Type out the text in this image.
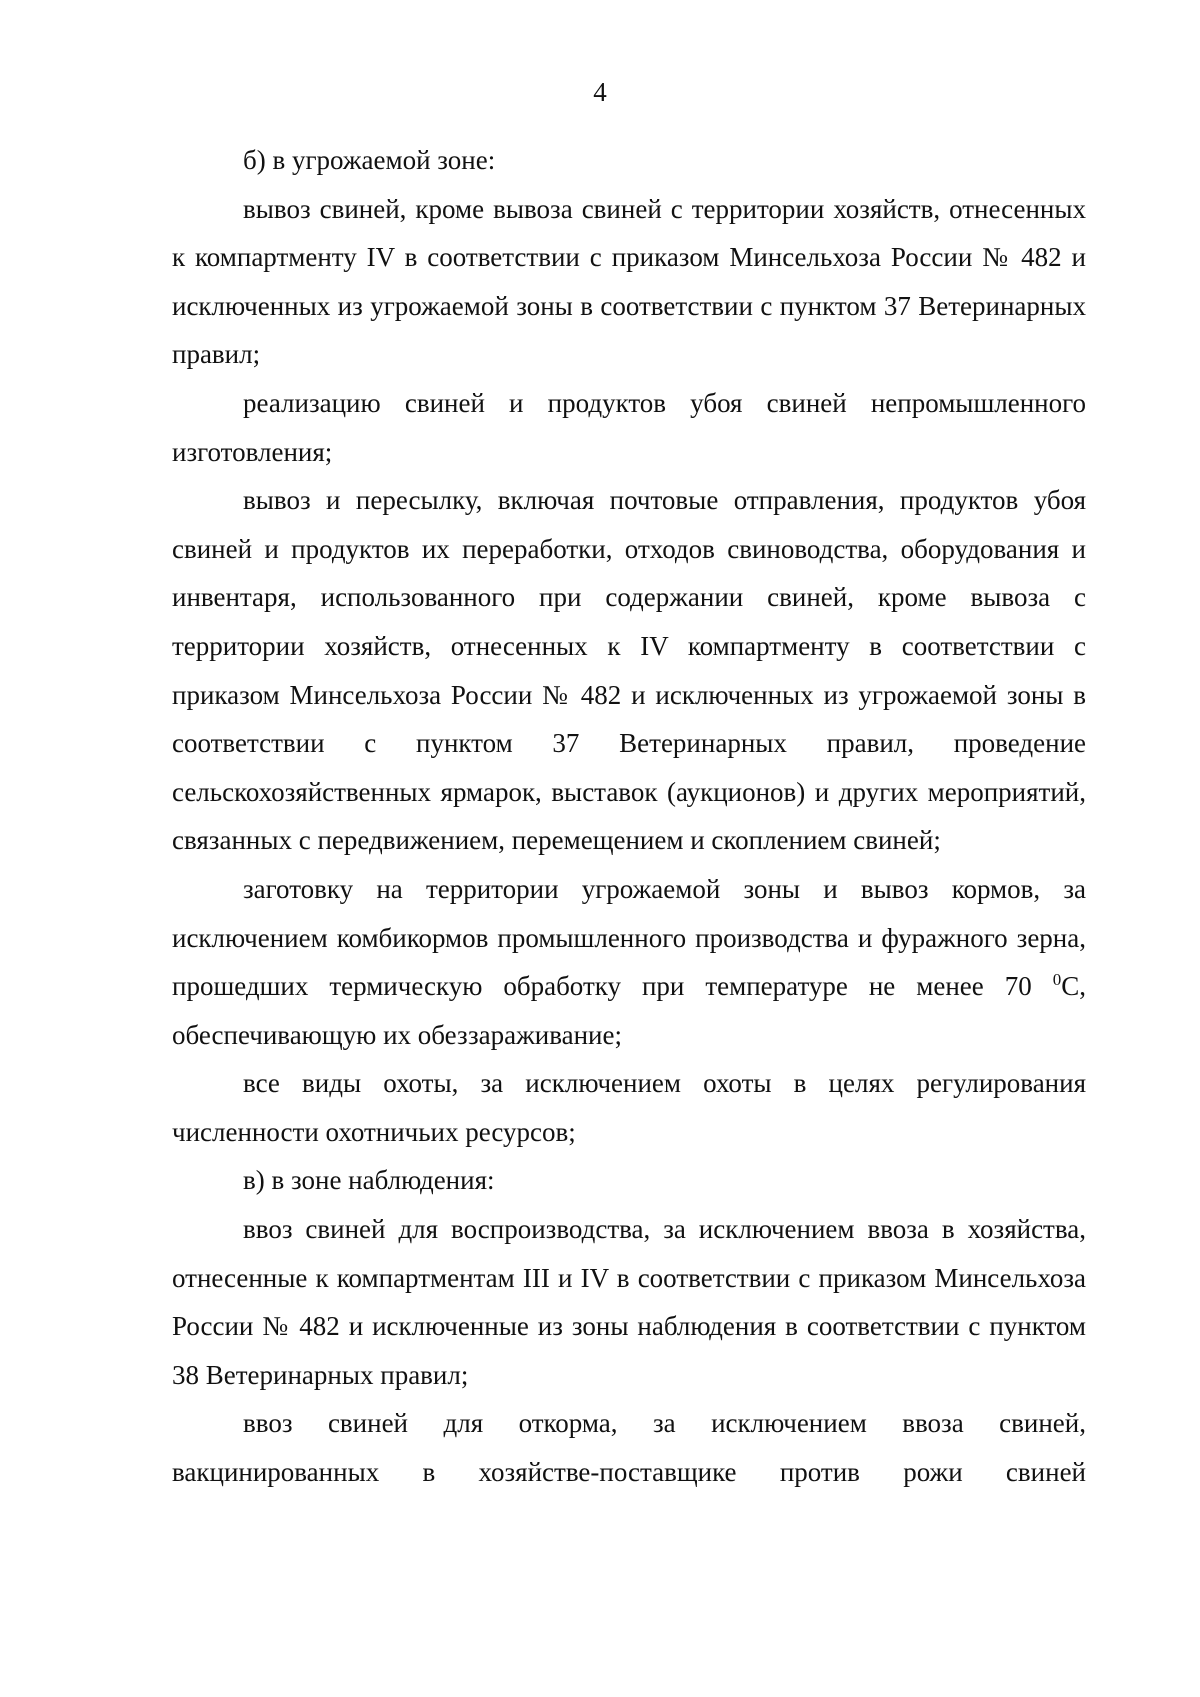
4

б) в угрожаемой зоне:

вывоз свиней, кроме вывоза свиней с территории хозяйств, отнесенных к компартменту IV в соответствии с приказом Минсельхоза России № 482 и исключенных из угрожаемой зоны в соответствии с пунктом 37 Ветеринарных правил;

реализацию свиней и продуктов убоя свиней непромышленного изготовления;

вывоз и пересылку, включая почтовые отправления, продуктов убоя свиней и продуктов их переработки, отходов свиноводства, оборудования и инвентаря, использованного при содержании свиней, кроме вывоза с территории хозяйств, отнесенных к IV компартменту в соответствии с приказом Минсельхоза России № 482 и исключенных из угрожаемой зоны в соответствии с пунктом 37 Ветеринарных правил, проведение сельскохозяйственных ярмарок, выставок (аукционов) и других мероприятий, связанных с передвижением, перемещением и скоплением свиней;

заготовку на территории угрожаемой зоны и вывоз кормов, за исключением комбикормов промышленного производства и фуражного зерна, прошедших термическую обработку при температуре не менее 70 $^0$С, обеспечивающую их обеззараживание;

все виды охоты, за исключением охоты в целях регулирования численности охотничьих ресурсов;

в) в зоне наблюдения:

ввоз свиней для воспроизводства, за исключением ввоза в хозяйства, отнесенные к компартментам III и IV в соответствии с приказом Минсельхоза России № 482 и исключенные из зоны наблюдения в соответствии с пунктом 38 Ветеринарных правил;

ввоз свиней для откорма, за исключением ввоза свиней, вакцинированных в хозяйстве-поставщике против рожи свиней
